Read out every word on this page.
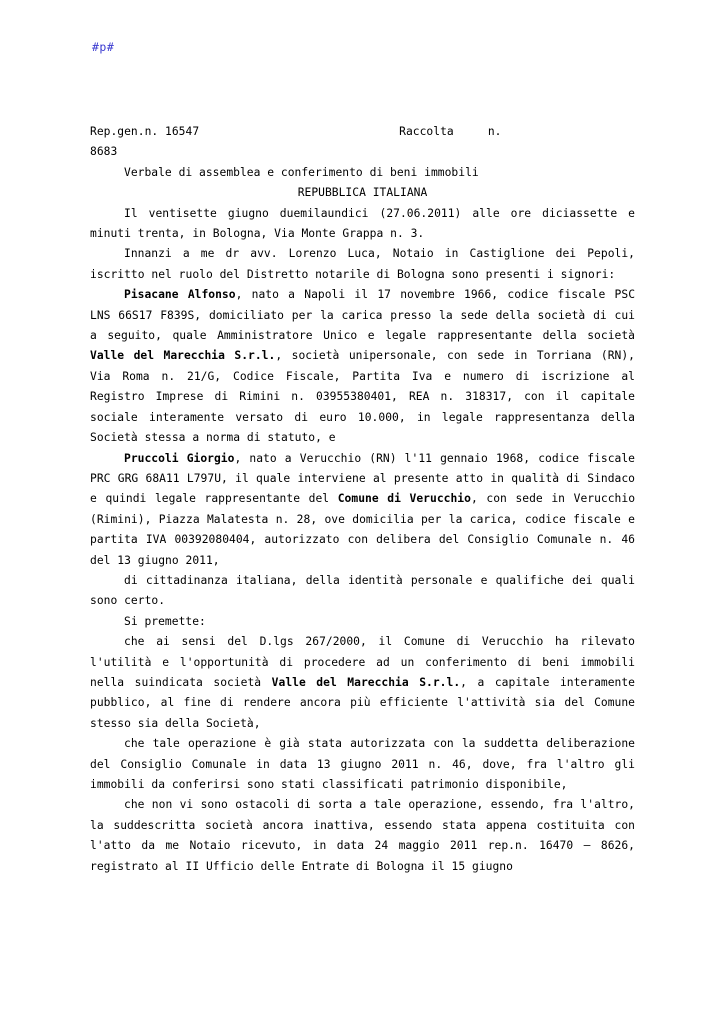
#p#
Rep.gen.n. 16547	Raccolta     n.
8683
Verbale di assemblea e conferimento di beni immobili
REPUBBLICA ITALIANA
Il ventisette giugno duemilaundici (27.06.2011) alle ore diciassette e minuti trenta, in Bologna, Via Monte Grappa n. 3.
Innanzi a me dr avv. Lorenzo Luca, Notaio in Castiglione dei Pepoli, iscritto nel ruolo del Distretto notarile di Bologna sono presenti i signori:
Pisacane Alfonso, nato a Napoli il 17 novembre 1966, codice fiscale PSC LNS 66S17 F839S, domiciliato per la carica presso la sede della società di cui a seguito, quale Amministratore Unico e legale rappresentante della società Valle del Marecchia S.r.l., società unipersonale, con sede in Torriana (RN), Via Roma n. 21/G, Codice Fiscale, Partita Iva e numero di iscrizione al Registro Imprese di Rimini n. 03955380401, REA n. 318317, con il capitale sociale interamente versato di euro 10.000, in legale rappresentanza della Società stessa a norma di statuto, e
Pruccoli Giorgio, nato a Verucchio (RN) l'11 gennaio 1968, codice fiscale PRC GRG 68A11 L797U, il quale interviene al presente atto in qualità di Sindaco e quindi legale rappresentante del Comune di Verucchio, con sede in Verucchio (Rimini), Piazza Malatesta n. 28, ove domicilia per la carica, codice fiscale e partita IVA 00392080404, autorizzato con delibera del Consiglio Comunale n. 46 del 13 giugno 2011,
di cittadinanza italiana, della identità personale e qualifiche dei quali sono certo.
Si premette:
che ai sensi del D.lgs 267/2000, il Comune di Verucchio ha rilevato l'utilità e l'opportunità di procedere ad un conferimento di beni immobili nella suindicata società Valle del Marecchia S.r.l., a capitale interamente pubblico, al fine di rendere ancora più efficiente l'attività sia del Comune stesso sia della Società,
che tale operazione è già stata autorizzata con la suddetta deliberazione del Consiglio Comunale in data 13 giugno 2011 n. 46, dove, fra l'altro gli immobili da conferirsi sono stati classificati patrimonio disponibile,
che non vi sono ostacoli di sorta a tale operazione, essendo, fra l'altro, la suddescritta società ancora inattiva, essendo stata appena costituita con l'atto da me Notaio ricevuto, in data 24 maggio 2011 rep.n. 16470 – 8626, registrato al II Ufficio delle Entrate di Bologna il 15 giugno
